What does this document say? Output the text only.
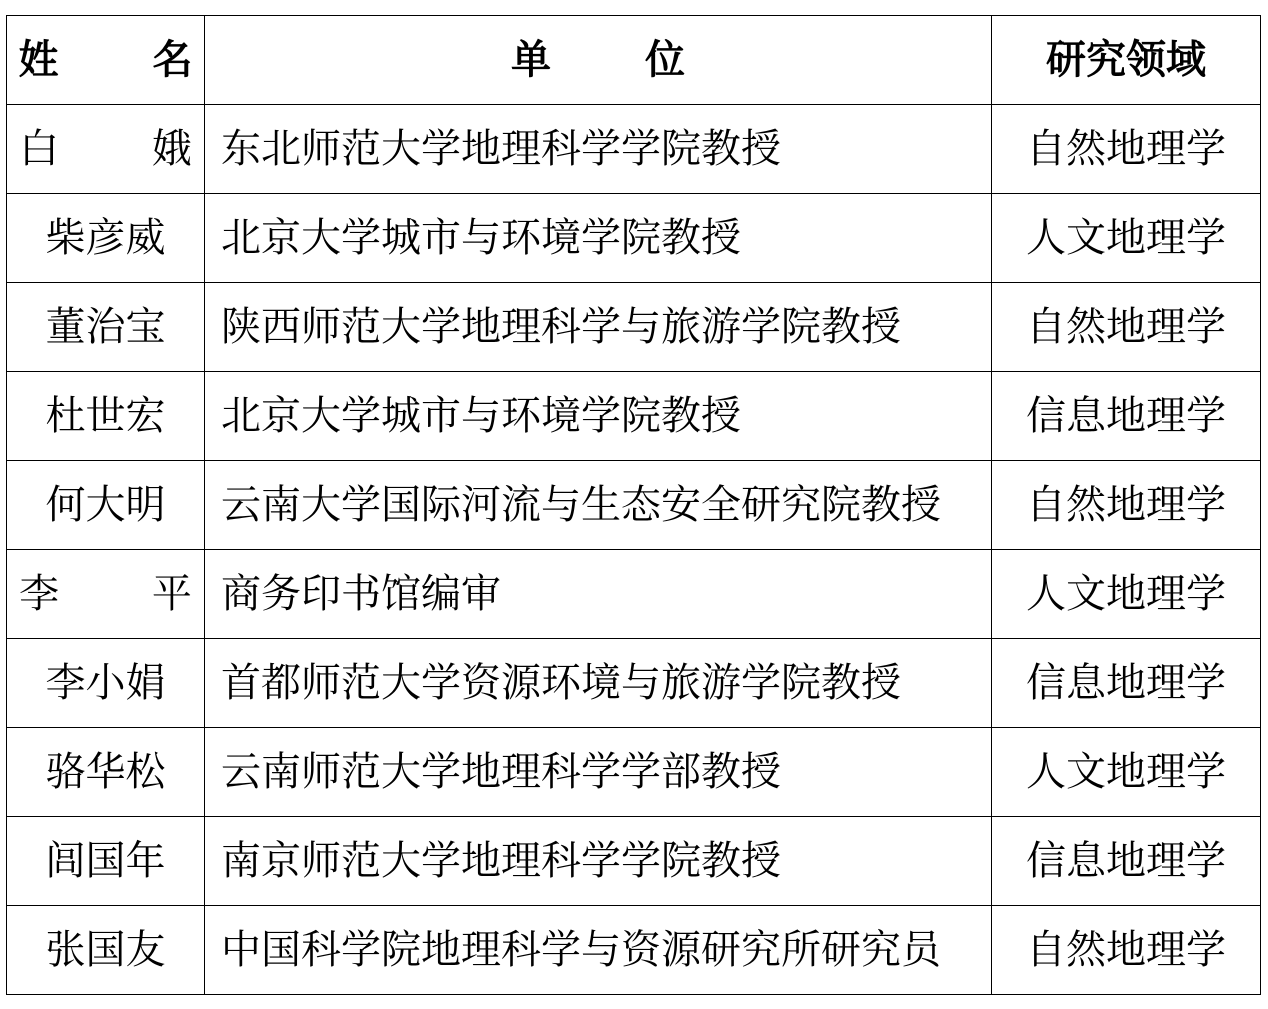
姓 名	单 位	研究领域
白 娥	东北师范大学地理科学学院教授	自然地理学
柴彦威	北京大学城市与环境学院教授	人文地理学
董治宝	陕西师范大学地理科学与旅游学院教授	自然地理学
杜世宏	北京大学城市与环境学院教授	信息地理学
何大明	云南大学国际河流与生态安全研究院教授	自然地理学
李 平	商务印书馆编审	人文地理学
李小娟	首都师范大学资源环境与旅游学院教授	信息地理学
骆华松	云南师范大学地理科学学部教授	人文地理学
闾国年	南京师范大学地理科学学院教授	信息地理学
张国友	中国科学院地理科学与资源研究所研究员	自然地理学
